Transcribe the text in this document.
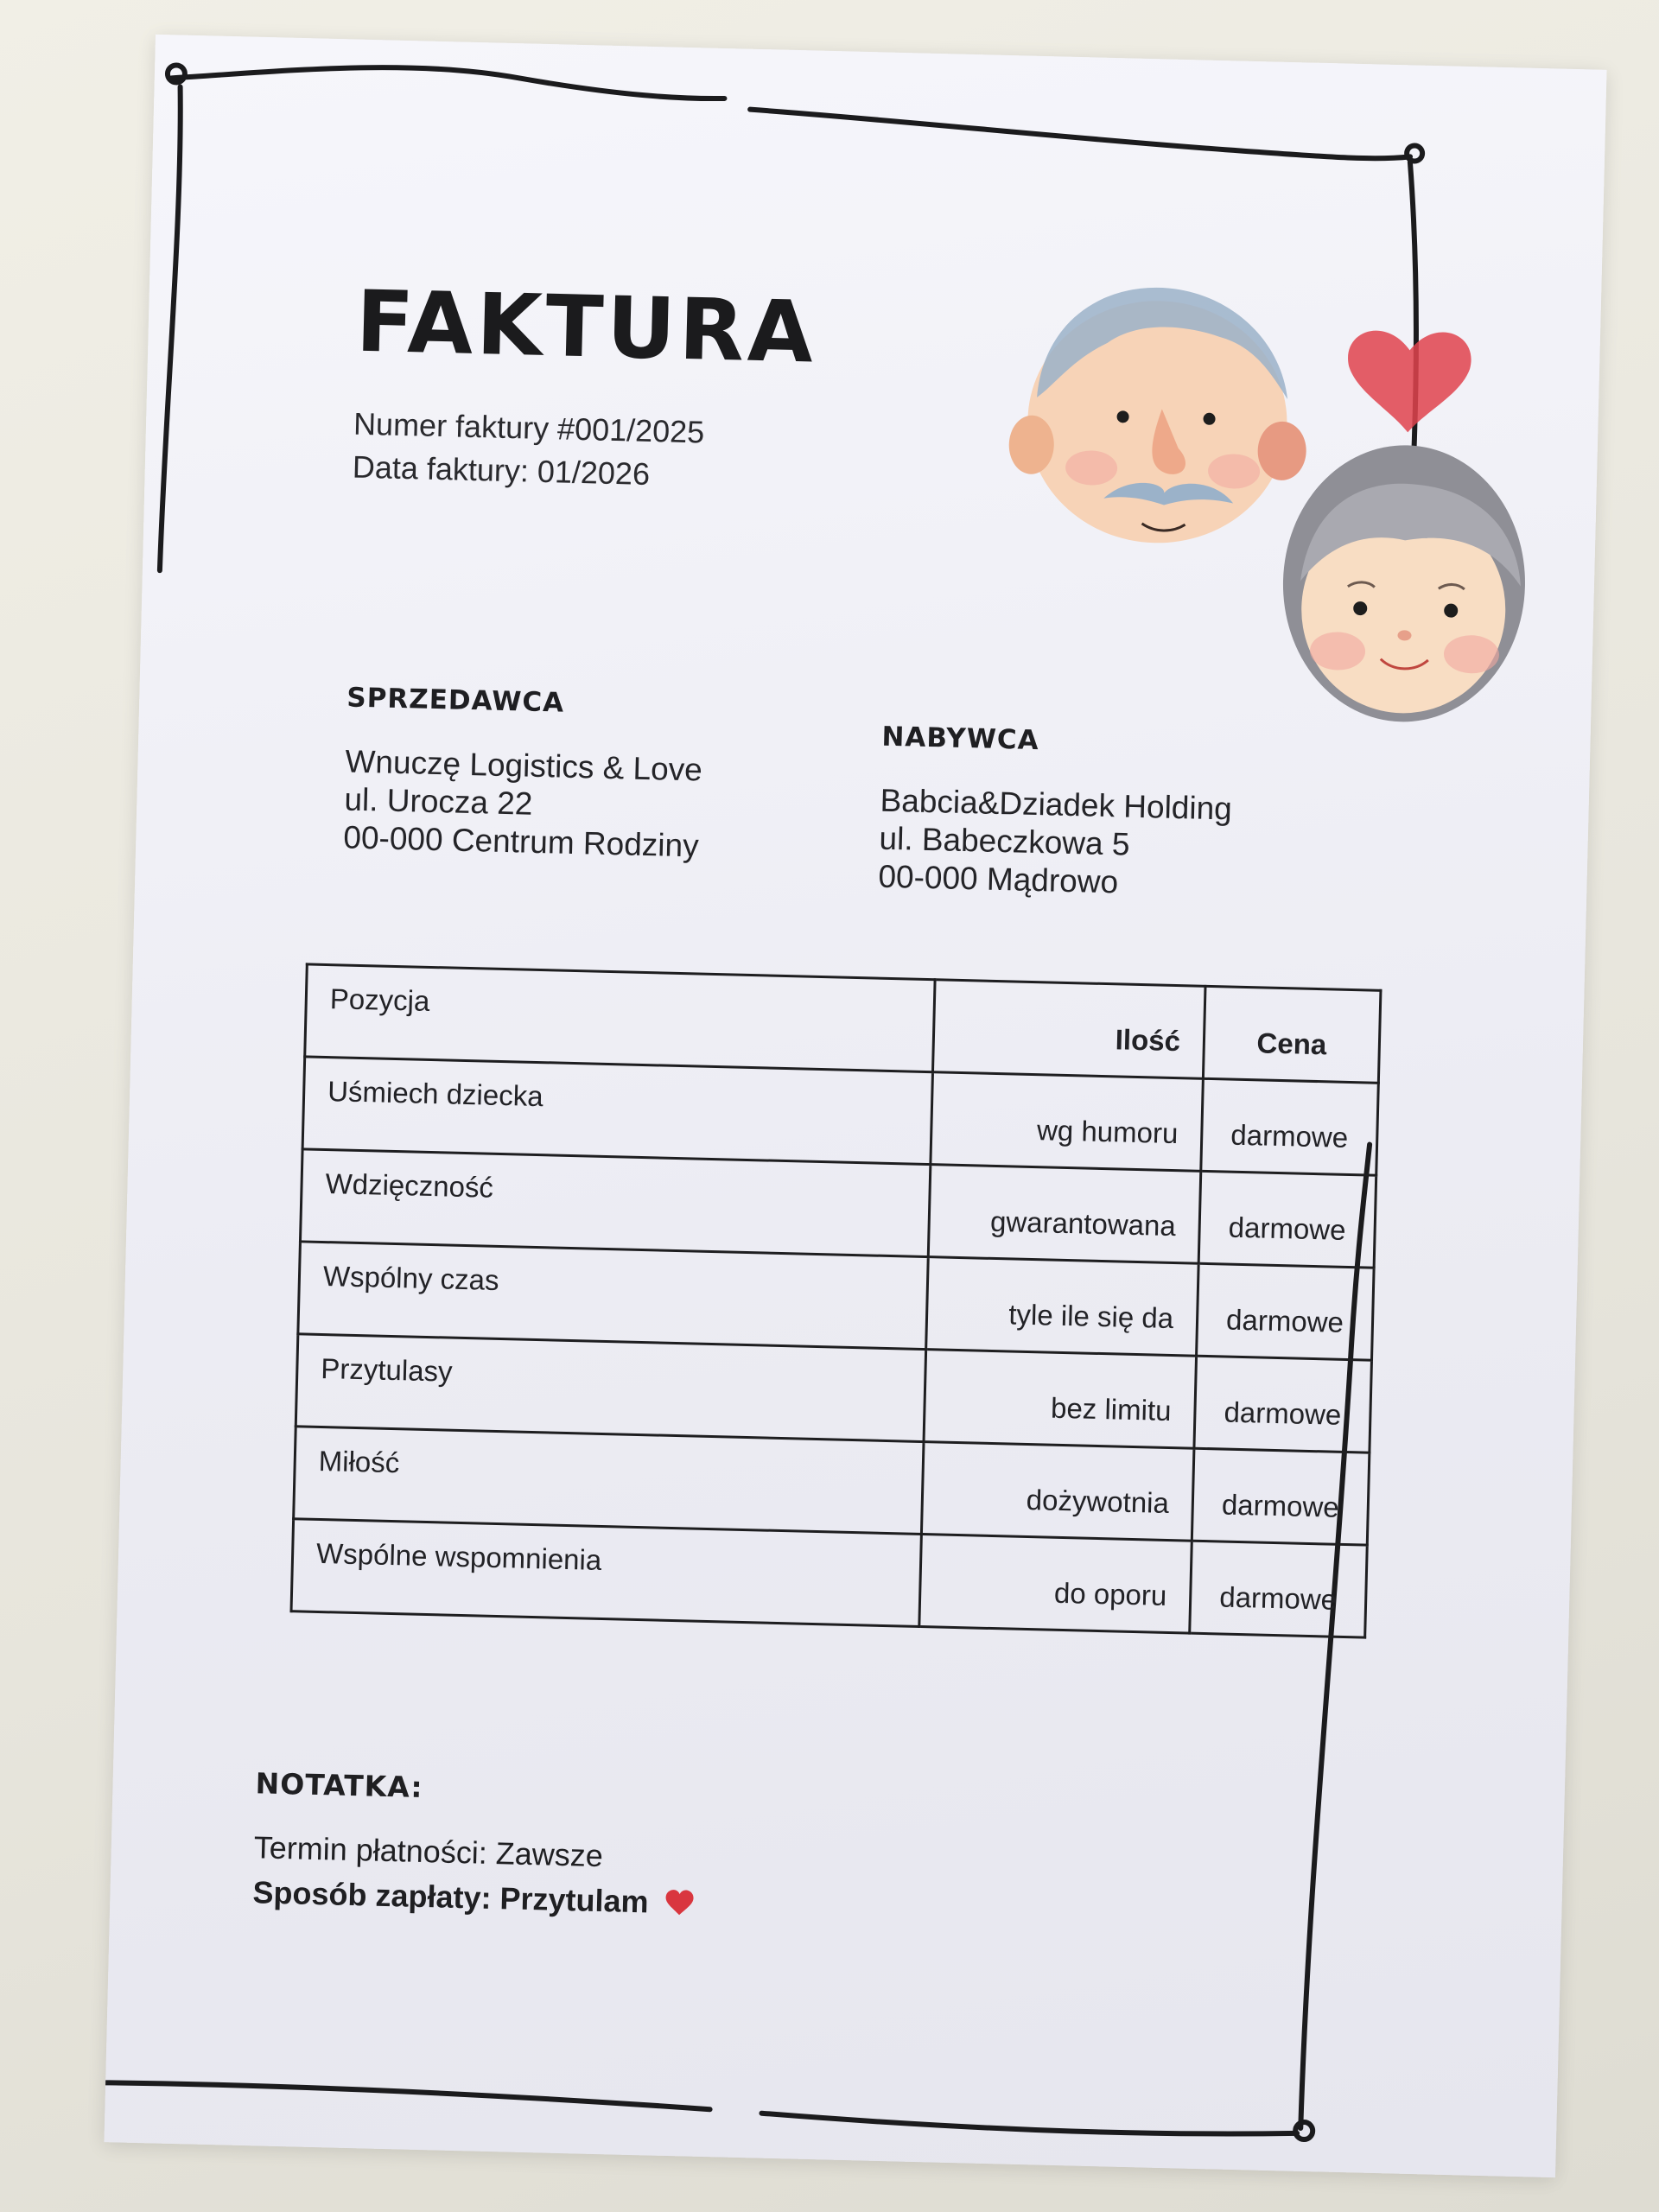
FAKTURA
Numer faktury #001/2025
Data faktury: 01/2026
SPRZEDAWCA
Wnuczę Logistics & Love
ul. Urocza 22
00-000 Centrum Rodziny
NABYWCA
Babcia&Dziadek Holding
ul. Babeczkowa 5
00-000 Mądrowo
Pozycja	Ilość	Cena

Uśmiech dziecka	wg humoru	darmowe

Wdzięczność	gwarantowana	darmowe

Wspólny czas	tyle ile się da	darmowe

Przytulasy	bez limitu	darmowe

Miłość	dożywotnia	darmowe

Wspólne wspomnienia	do oporu	darmowe
NOTATKA:
Termin płatności: Zawsze
Sposób zapłaty: Przytulam
